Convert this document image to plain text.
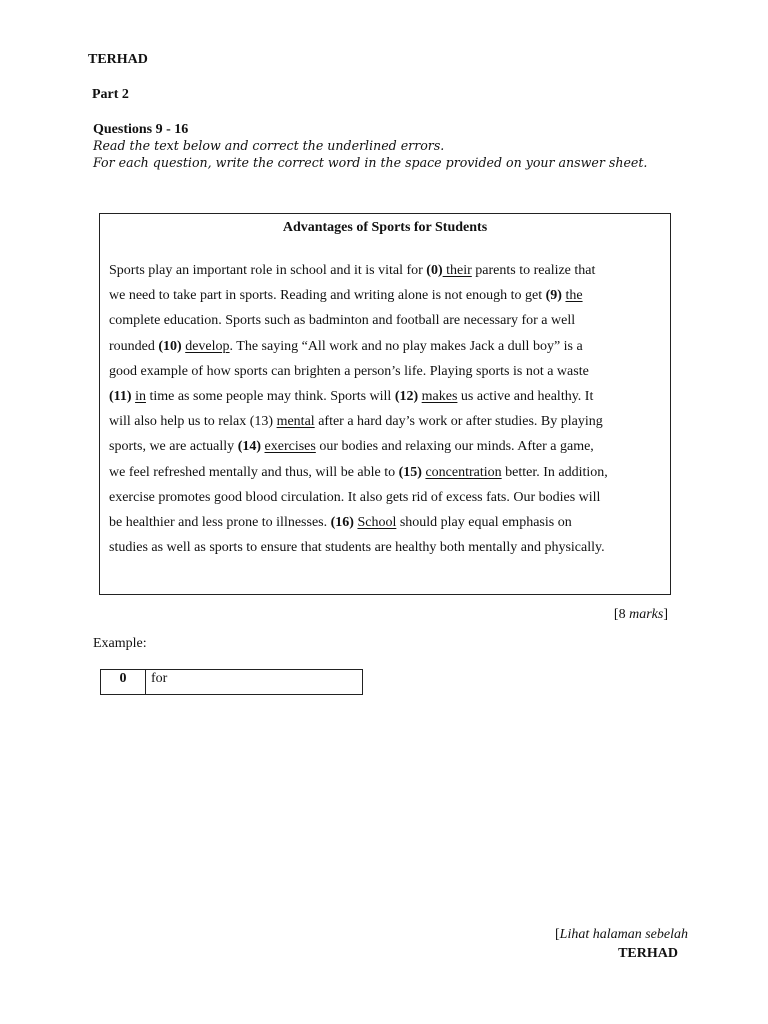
TERHAD
Part 2
Questions 9 - 16
Read the text below and correct the underlined errors.
For each question, write the correct word in the space provided on your answer sheet.
Advantages of Sports for Students
Sports play an important role in school and it is vital for (0) their parents to realize that
we need to take part in sports. Reading and writing alone is not enough to get (9) the
complete education. Sports such as badminton and football are necessary for a well
rounded (10) develop. The saying “All work and no play makes Jack a dull boy” is a
good example of how sports can brighten a person’s life. Playing sports is not a waste
(11) in time as some people may think. Sports will (12) makes us active and healthy. It
will also help us to relax (13) mental after a hard day’s work or after studies. By playing
sports, we are actually (14) exercises our bodies and relaxing our minds. After a game,
we feel refreshed mentally and thus, will be able to (15) concentration better. In addition,
exercise promotes good blood circulation. It also gets rid of excess fats. Our bodies will
be healthier and less prone to illnesses. (16) School should play equal emphasis on
studies as well as sports to ensure that students are healthy both mentally and physically.
[8 marks]
Example:
0	for
[Lihat halaman sebelah
TERHAD
